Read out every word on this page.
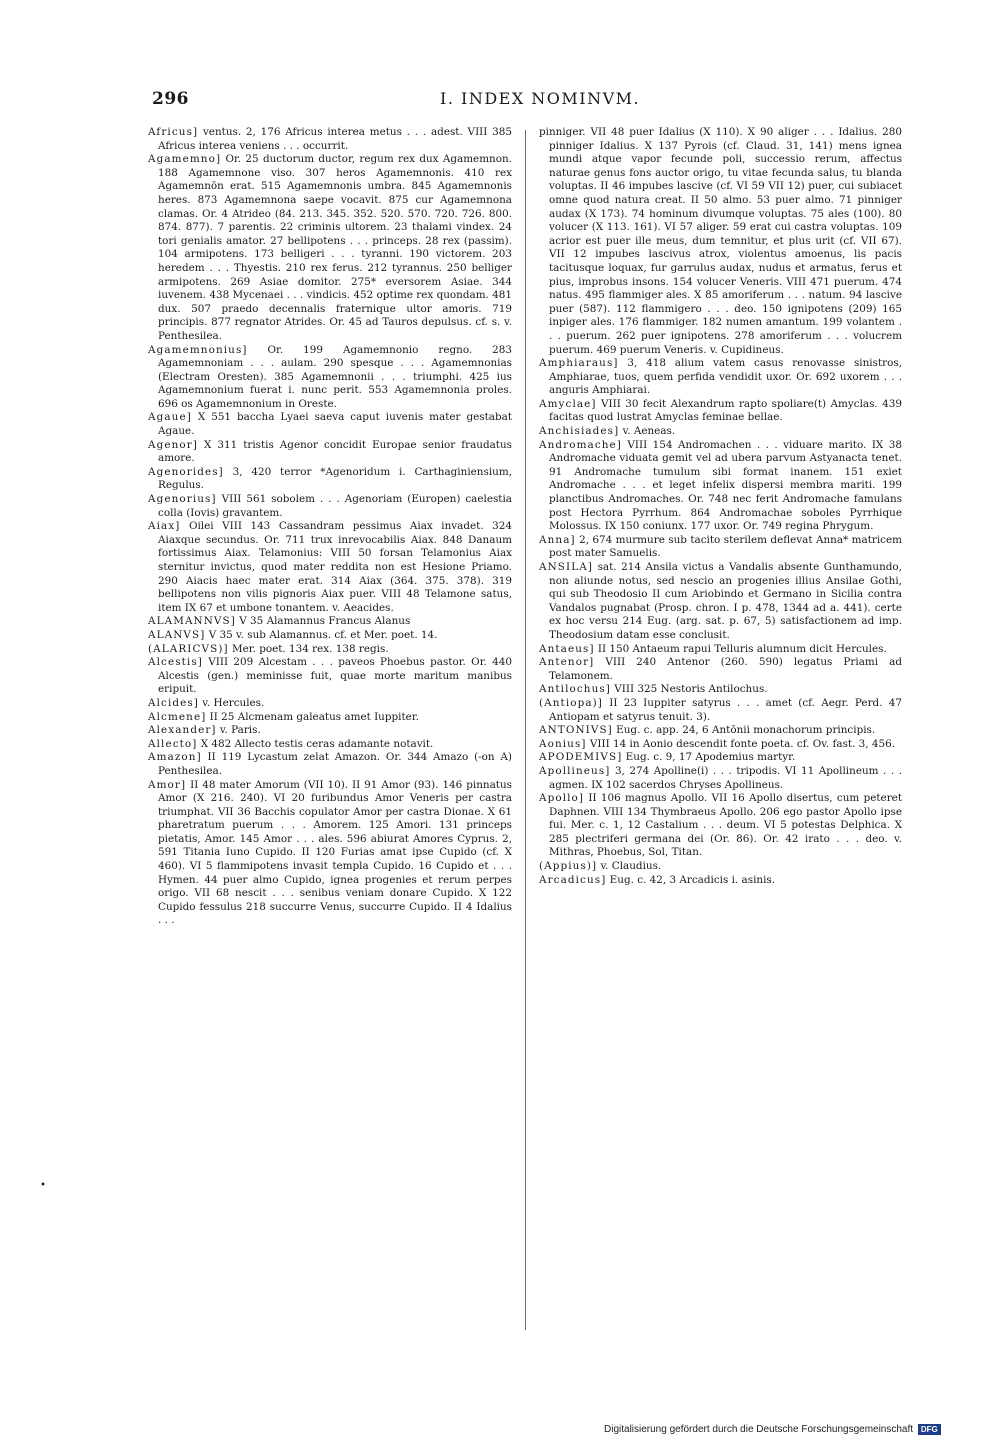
296	I. INDEX NOMINVM.

Africus] ventus. 2, 176 Africus interea metus . . . adest. VIII 385 Africus interea veniens . . . occurrit.

Agamemno] Or. 25 ductorum ductor, regum rex dux Agamemnon. 188 Agamemnone viso. 307 heros Agamemnonis. 410 rex Agamemnōn erat. 515 Agamemnonis umbra. 845 Agamemnonis heres. 873 Agamemnona saepe vocavit. 875 cur Agamemnona clamas. Or. 4 Atrideo (84. 213. 345. 352. 520. 570. 720. 726. 800. 874. 877). 7 parentis. 22 criminis ultorem. 23 thalami vindex. 24 tori genialis amator. 27 bellipotens . . . princeps. 28 rex (passim). 104 armipotens. 173 belligeri . . . tyranni. 190 victorem. 203 heredem . . . Thyestis. 210 rex ferus. 212 tyrannus. 250 belliger armipotens. 269 Asiae domitor. 275* eversorem Asiae. 344 iuvenem. 438 Mycenaei . . . vindicis. 452 optime rex quondam. 481 dux. 507 praedo decennalis fraternique ultor amoris. 719 principis. 877 regnator Atrides. Or. 45 ad Tauros depulsus. cf. s. v. Penthesilea.

Agamemnonius] Or. 199 Agamemnonio regno. 283 Agamemnoniam . . . aulam. 290 spesque . . . Agamemnonias (Electram Oresten). 385 Agamemnonii . . . triumphi. 425 ius Agamemnonium fuerat i. nunc perit. 553 Agamemnonia proles. 696 os Agamemnonium in Oreste.

Agaue] X 551 baccha Lyaei saeva caput iuvenis mater gestabat Agaue.

Agenor] X 311 tristis Agenor concidit Europae senior fraudatus amore.

Agenorides] 3, 420 terror *Agenoridum i. Carthaginiensium, Regulus.

Agenorius] VIII 561 sobolem . . . Agenoriam (Europen) caelestia colla (Iovis) gravantem.

Aiax] Oilei VIII 143 Cassandram pessimus Aiax invadet. 324 Aiaxque secundus. Or. 711 trux inrevocabilis Aiax. 848 Danaum fortissimus Aiax. Telamonius: VIII 50 forsan Telamonius Aiax sternitur invictus, quod mater reddita non est Hesione Priamo. 290 Aiacis haec mater erat. 314 Aiax (364. 375. 378). 319 bellipotens non vilis pignoris Aiax puer. VIII 48 Telamone satus, item IX 67 et umbone tonantem. v. Aeacides.

ALAMANNVS] V 35 Alamannus Francus Alanus

ALANVS] V 35 v. sub Alamannus. cf. et Mer. poet. 14.

(ALARICVS)] Mer. poet. 134 rex. 138 regis.

Alcestis] VIII 209 Alcestam . . . paveos Phoebus pastor. Or. 440 Alcestis (gen.) meminisse fuit, quae morte maritum manibus eripuit.

Alcides] v. Hercules.

Alcmene] II 25 Alcmenam galeatus amet Iuppiter.

Alexander] v. Paris.

Allecto] X 482 Allecto testis ceras adamante notavit.

Amazon] II 119 Lycastum zelat Amazon. Or. 344 Amazo (-on A) Penthesilea.

Amor] II 48 mater Amorum (VII 10). II 91 Amor (93). 146 pinnatus Amor (X 216. 240). VI 20 furibundus Amor Veneris per castra triumphat. VII 36 Bacchis copulator Amor per castra Dionae. X 61 pharetratum puerum . . . Amorem. 125 Amori. 131 princeps pietatis, Amor. 145 Amor . . . ales. 596 abiurat Amores Cyprus. 2, 591 Titania Iuno Cupido. II 120 Furias amat ipse Cupido (cf. X 460). VI 5 flammipotens invasit templa Cupido. 16 Cupido et . . . Hymen. 44 puer almo Cupido, ignea progenies et rerum perpes origo. VII 68 nescit . . . senibus veniam donare Cupido. X 122 Cupido fessulus 218 succurre Venus, succurre Cupido. II 4 Idalius . . .

pinniger. VII 48 puer Idalius (X 110). X 90 aliger . . . Idalius. 280 pinniger Idalius. X 137 Pyrois (cf. Claud. 31, 141) mens ignea mundi atque vapor fecunde poli, successio rerum, affectus naturae genus fons auctor origo, tu vitae fecunda salus, tu blanda voluptas. II 46 impubes lascive (cf. VI 59 VII 12) puer, cui subiacet omne quod natura creat. II 50 almo. 53 puer almo. 71 pinniger audax (X 173). 74 hominum divumque voluptas. 75 ales (100). 80 volucer (X 113. 161). VI 57 aliger. 59 erat cui castra voluptas. 109 acrior est puer ille meus, dum temnitur, et plus urit (cf. VII 67). VII 12 impubes lascivus atrox, violentus amoenus, lis pacis tacitusque loquax, fur garrulus audax, nudus et armatus, ferus et pius, improbus insons. 154 volucer Veneris. VIII 471 puerum. 474 natus. 495 flammiger ales. X 85 amoriferum . . . natum. 94 lascive puer (587). 112 flammigero . . . deo. 150 ignipotens (209) 165 inpiger ales. 176 flammiger. 182 numen amantum. 199 volantem . . . puerum. 262 puer ignipotens. 278 amoriferum . . . volucrem puerum. 469 puerum Veneris. v. Cupidineus.

Amphiaraus] 3, 418 alium vatem casus renovasse sinistros, Amphiarae, tuos, quem perfida vendidit uxor. Or. 692 uxorem . . . anguris Amphiarai.

Amyclae] VIII 30 fecit Alexandrum rapto spoliare(t) Amyclas. 439 facitas quod lustrat Amyclas feminae bellae.

Anchisiades] v. Aeneas.

Andromache] VIII 154 Andromachen . . . viduare marito. IX 38 Andromache viduata gemit vel ad ubera parvum Astyanacta tenet. 91 Andromache tumulum sibi format inanem. 151 exiet Andromache . . . et leget infelix dispersi membra mariti. 199 planctibus Andromaches. Or. 748 nec ferit Andromache famulans post Hectora Pyrrhum. 864 Andromachae soboles Pyrrhique Molossus. IX 150 coniunx. 177 uxor. Or. 749 regina Phrygum.

Anna] 2, 674 murmure sub tacito sterilem deflevat Anna* matricem post mater Samuelis.

ANSILA] sat. 214 Ansila victus a Vandalis absente Gunthamundo, non aliunde notus, sed nescio an progenies illius Ansilae Gothi, qui sub Theodosio II cum Ariobindo et Germano in Sicilia contra Vandalos pugnabat (Prosp. chron. I p. 478, 1344 ad a. 441). certe ex hoc versu 214 Eug. (arg. sat. p. 67, 5) satisfactionem ad imp. Theodosium datam esse conclusit.

Antaeus] II 150 Antaeum rapui Telluris alumnum dicit Hercules.

Antenor] VIII 240 Antenor (260. 590) legatus Priami ad Telamonem.

Antilochus] VIII 325 Nestoris Antilochus.

(Antiopa)] II 23 Iuppiter satyrus . . . amet (cf. Aegr. Perd. 47 Antiopam et satyrus tenuit. 3).

ANTONIVS] Eug. c. app. 24, 6 Antōnii monachorum principis.

Aonius] VIII 14 in Aonio descendit fonte poeta. cf. Ov. fast. 3, 456.

APODEMIVS] Eug. c. 9, 17 Apodemius martyr.

Apollineus] 3, 274 Apolline(i) . . . tripodis. VI 11 Apollineum . . . agmen. IX 102 sacerdos Chryses Apollineus.

Apollo] II 106 magnus Apollo. VII 16 Apollo disertus, cum peteret Daphnen. VIII 134 Thymbraeus Apollo. 206 ego pastor Apollo ipse fui. Mer. c. 1, 12 Castalium . . . deum. VI 5 potestas Delphica. X 285 plectriferi germana dei (Or. 86). Or. 42 irato . . . deo. v. Mithras, Phoebus, Sol, Titan.

(Appius)] v. Claudius.

Arcadicus] Eug. c. 42, 3 Arcadicis i. asinis.

•
Digitalisierung gefördert durch die Deutsche Forschungsgemeinschaft DFG
